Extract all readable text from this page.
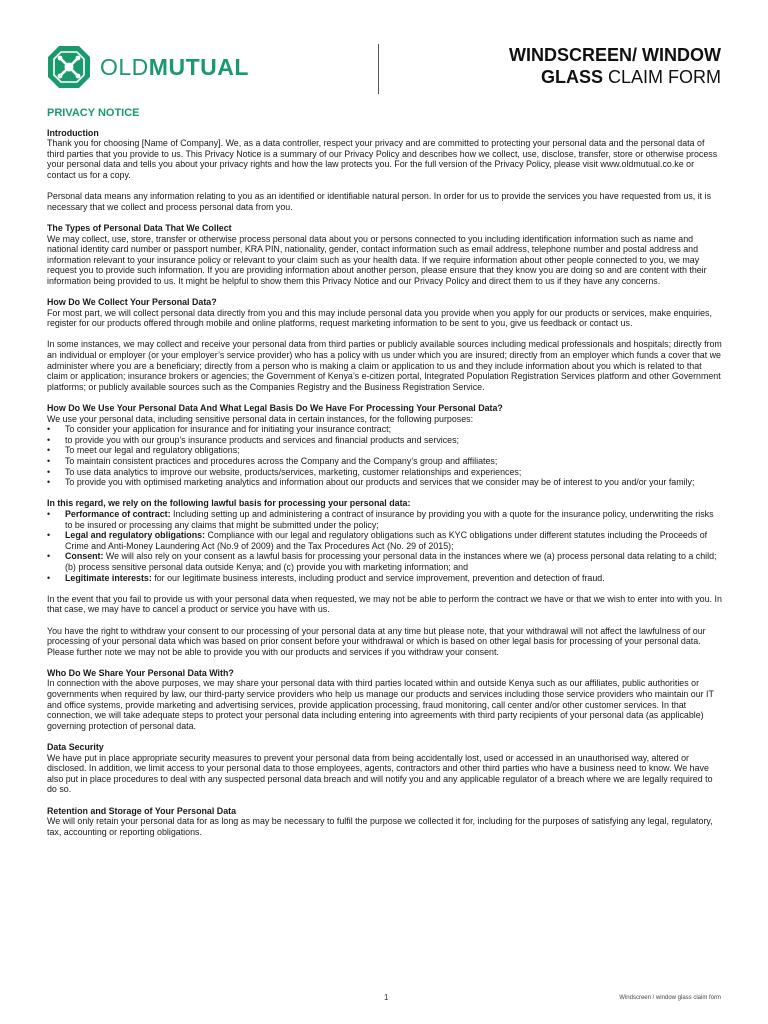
OLDMUTUAL	WINDSCREEN/ WINDOW
GLASS CLAIM FORM
PRIVACY NOTICE

Introduction

Thank you for choosing [Name of Company]. We, as a data controller, respect your privacy and are committed to protecting your personal data and the personal data of third parties that you provide to us. This Privacy Notice is a summary of our Privacy Policy and describes how we collect, use, disclose, transfer, store or otherwise process your personal data and tells you about your privacy rights and how the law protects you. For the full version of the Privacy Policy, please visit www.oldmutual.co.ke or contact us for a copy.

Personal data means any information relating to you as an identified or identifiable natural person. In order for us to provide the services you have requested from us, it is necessary that we collect and process personal data from you.

The Types of Personal Data That We Collect

We may collect, use, store, transfer or otherwise process personal data about you or persons connected to you including identification information such as name and national identity card number or passport number, KRA PIN, nationality, gender, contact information such as email address, telephone number and postal address and information relevant to your insurance policy or relevant to your claim such as your health data. If we require information about other people connected to you, we may request you to provide such information. If you are providing information about another person, please ensure that they know you are doing so and are content with their information being provided to us. It might be helpful to show them this Privacy Notice and our Privacy Policy and direct them to us if they have any concerns.

How Do We Collect Your Personal Data?

For most part, we will collect personal data directly from you and this may include personal data you provide when you apply for our products or services, make enquiries, register for our products offered through mobile and online platforms, request marketing information to be sent to you, give us feedback or contact us.

In some instances, we may collect and receive your personal data from third parties or publicly available sources including medical professionals and hospitals; directly from an individual or employer (or your employer’s service provider) who has a policy with us under which you are insured; directly from an employer which funds a cover that we administer where you are a beneficiary; directly from a person who is making a claim or application to us and they include information about you which is related to that claim or application; insurance brokers or agencies; the Government of Kenya’s e-citizen portal, Integrated Population Registration Services platform and other Government platforms; or publicly available sources such as the Companies Registry and the Business Registration Service.

How Do We Use Your Personal Data And What Legal Basis Do We Have For Processing Your Personal Data?

We use your personal data, including sensitive personal data in certain instances, for the following purposes:

• To consider your application for insurance and for initiating your insurance contract;
• to provide you with our group’s insurance products and services and financial products and services;
• To meet our legal and regulatory obligations;
• To maintain consistent practices and procedures across the Company and the Company’s group and affiliates;
• To use data analytics to improve our website, products/services, marketing, customer relationships and experiences;
• To provide you with optimised marketing analytics and information about our products and services that we consider may be of interest to you and/or your family;

In this regard, we rely on the following lawful basis for processing your personal data:

• Performance of contract: Including setting up and administering a contract of insurance by providing you with a quote for the insurance policy, underwriting the risks to be insured or processing any claims that might be submitted under the policy;
• Legal and regulatory obligations: Compliance with our legal and regulatory obligations such as KYC obligations under different statutes including the Proceeds of Crime and Anti-Money Laundering Act (No.9 of 2009) and the Tax Procedures Act (No. 29 of 2015);
• Consent: We will also rely on your consent as a lawful basis for processing your personal data in the instances where we (a) process personal data relating to a child; (b) process sensitive personal data outside Kenya; and (c) provide you with marketing information; and
• Legitimate interests: for our legitimate business interests, including product and service improvement, prevention and detection of fraud.

In the event that you fail to provide us with your personal data when requested, we may not be able to perform the contract we have or that we wish to enter into with you. In that case, we may have to cancel a product or service you have with us.

You have the right to withdraw your consent to our processing of your personal data at any time but please note, that your withdrawal will not affect the lawfulness of our processing of your personal data which was based on prior consent before your withdrawal or which is based on other legal basis for processing of your personal data. Please further note we may not be able to provide you with our products and services if you withdraw your consent.

Who Do We Share Your Personal Data With?

In connection with the above purposes, we may share your personal data with third parties located within and outside Kenya such as our affiliates, public authorities or governments when required by law, our third-party service providers who help us manage our products and services including those service providers who maintain our IT and office systems, provide marketing and advertising services, provide application processing, fraud monitoring, call center and/or other customer services. In that connection, we will take adequate steps to protect your personal data including entering into agreements with third party recipients of your personal data (as applicable) governing protection of personal data.

Data Security

We have put in place appropriate security measures to prevent your personal data from being accidentally lost, used or accessed in an unauthorised way, altered or disclosed. In addition, we limit access to your personal data to those employees, agents, contractors and other third parties who have a business need to know. We have also put in place procedures to deal with any suspected personal data breach and will notify you and any applicable regulator of a breach where we are legally required to do so.

Retention and Storage of Your Personal Data

We will only retain your personal data for as long as may be necessary to fulfil the purpose we collected it for, including for the purposes of satisfying any legal, regulatory, tax, accounting or reporting obligations.

1	Windscreen / window glass claim form
